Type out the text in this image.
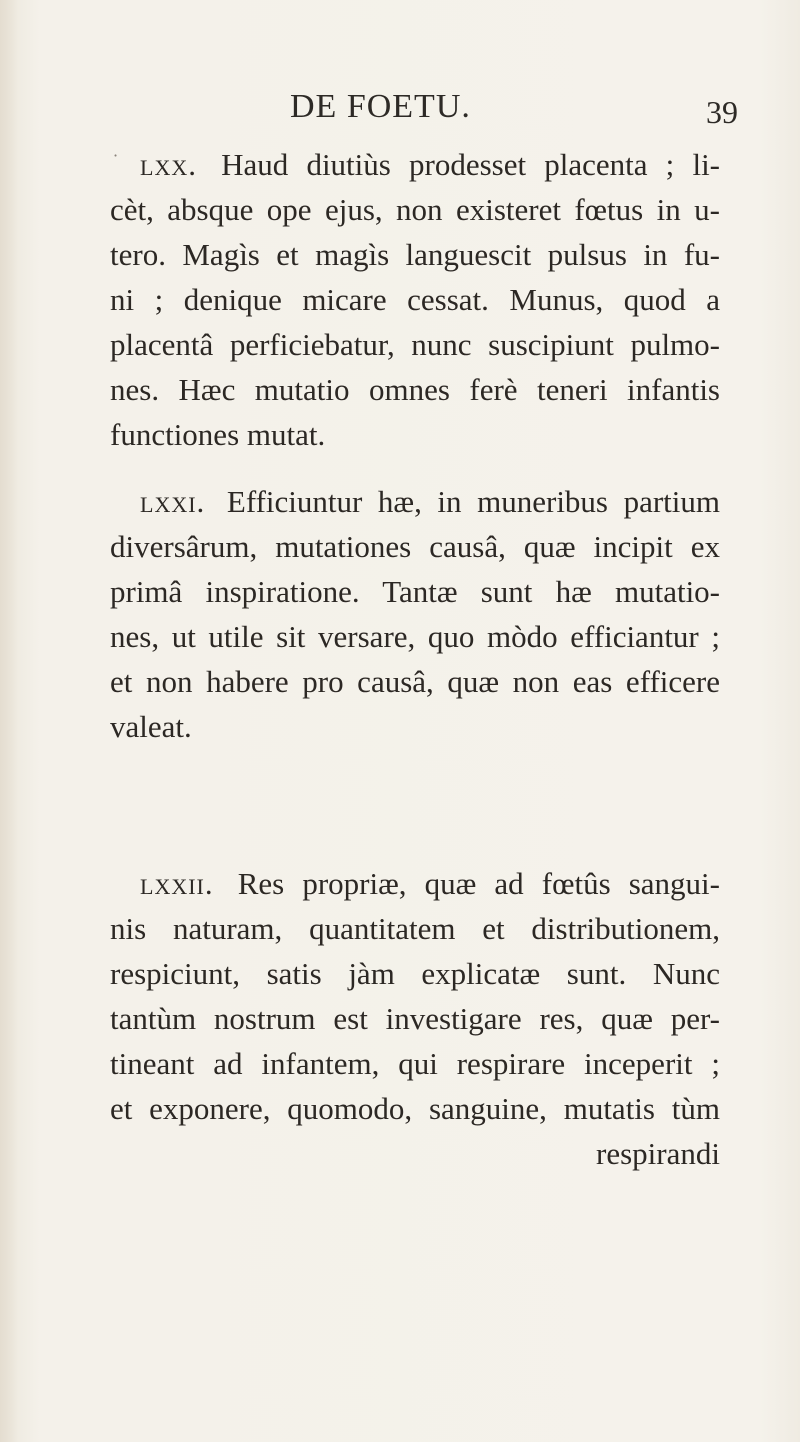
DE FOETU.	39
· lxx. Haud diutiùs prodesset placenta ; li-
cèt, absque ope ejus, non existeret fœtus in u-
tero. Magìs et magìs languescit pulsus in fu-
ni ; denique micare cessat. Munus, quod a
placentâ perficiebatur, nunc suscipiunt pulmo-
nes. Hæc mutatio omnes ferè teneri infantis
functiones mutat.
lxxi. Efficiuntur hæ, in muneribus partium
diversârum, mutationes causâ, quæ incipit ex
primâ inspiratione. Tantæ sunt hæ mutatio-
nes, ut utile sit versare, quo mòdo efficiantur ;
et non habere pro causâ, quæ non eas efficere
valeat.
lxxii. Res propriæ, quæ ad fœtûs sangui-
nis naturam, quantitatem et distributionem,
respiciunt, satis jàm explicatæ sunt. Nunc
tantùm nostrum est investigare res, quæ per-
tineant ad infantem, qui respirare inceperit ;
et exponere, quomodo, sanguine, mutatis tùm
respirandi
